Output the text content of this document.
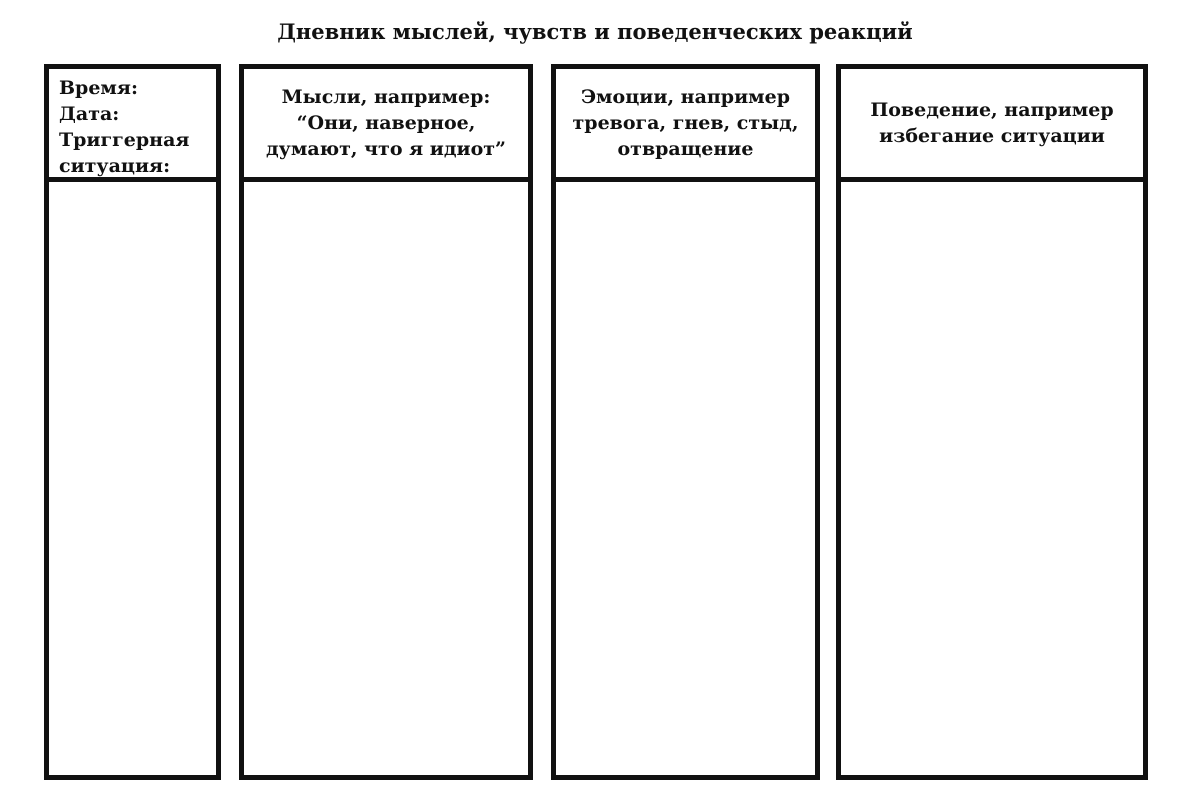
Дневник мыслей, чувств и поведенческих реакций
Время:
Дата:
Триггерная
ситуация:
Мысли, например:
“Они, наверное,
думают, что я идиот”
Эмоции, например
тревога, гнев, стыд,
отвращение
Поведение, например
избегание ситуации
